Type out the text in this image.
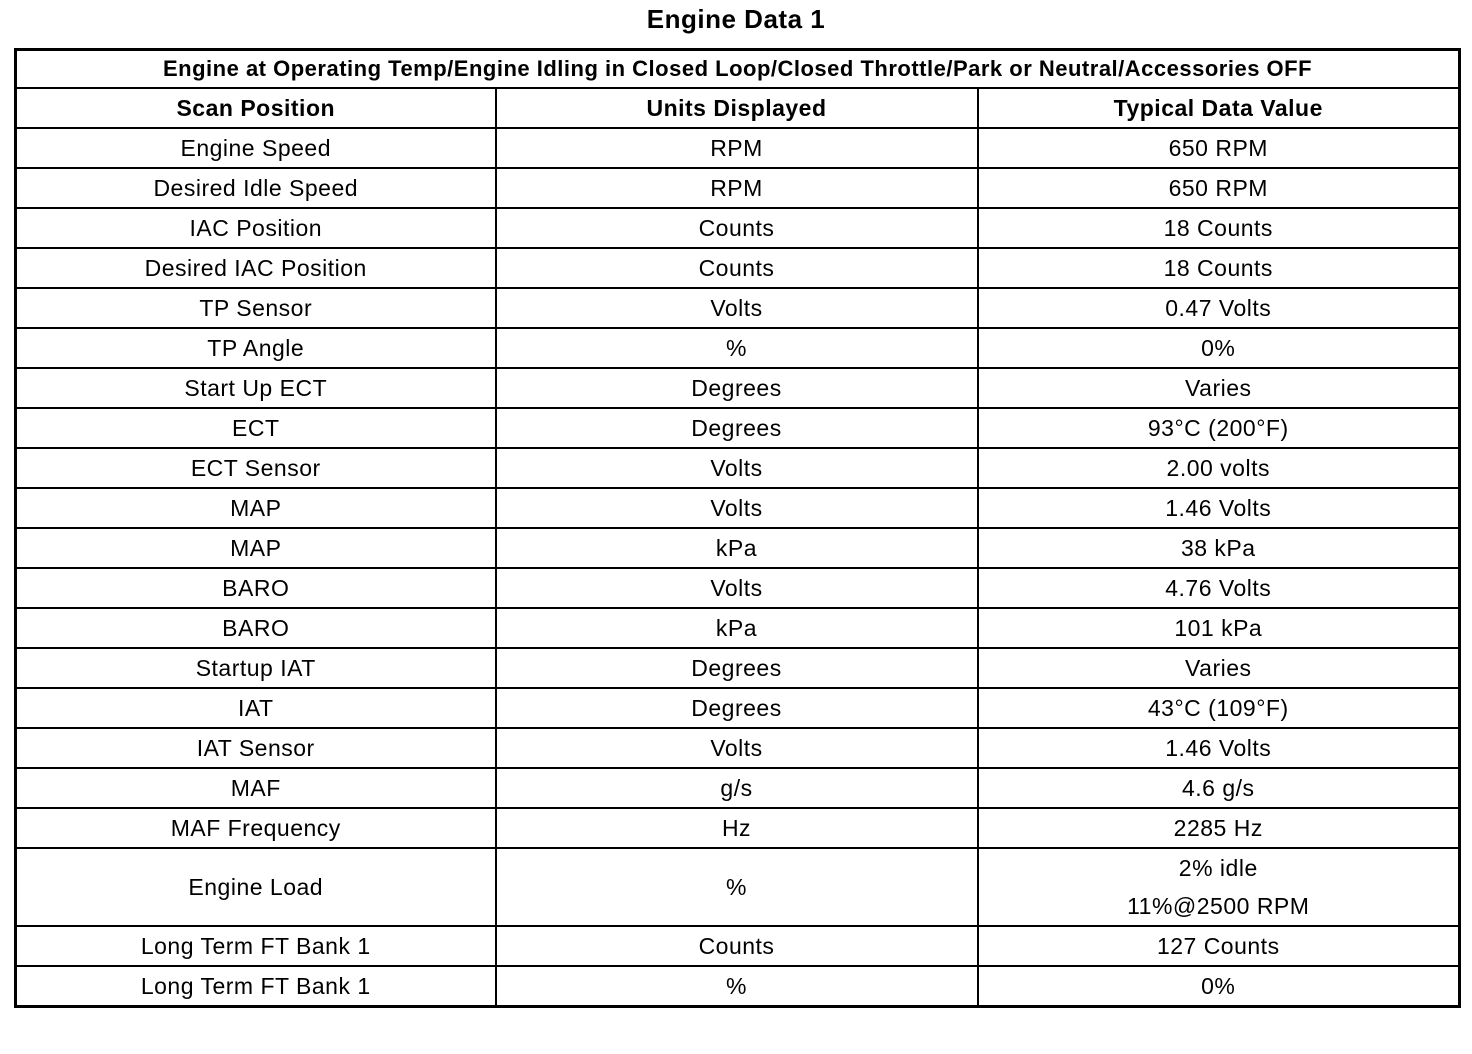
Engine Data 1
Engine at Operating Temp/Engine Idling in Closed Loop/Closed Throttle/Park or Neutral/Accessories OFF		
Scan Position	Units Displayed	Typical Data Value
Engine Speed	RPM	650 RPM
Desired Idle Speed	RPM	650 RPM
IAC Position	Counts	18 Counts
Desired IAC Position	Counts	18 Counts
TP Sensor	Volts	0.47 Volts
TP Angle	%	0%
Start Up ECT	Degrees	Varies
ECT	Degrees	93°C (200°F)
ECT Sensor	Volts	2.00 volts
MAP	Volts	1.46 Volts
MAP	kPa	38 kPa
BARO	Volts	4.76 Volts
BARO	kPa	101 kPa
Startup IAT	Degrees	Varies
IAT	Degrees	43°C (109°F)
IAT Sensor	Volts	1.46 Volts
MAF	g/s	4.6 g/s
MAF Frequency	Hz	2285 Hz
Engine Load	%	2% idle
11%@2500 RPM

Long Term FT Bank 1	Counts	127 Counts
Long Term FT Bank 1	%	0%
